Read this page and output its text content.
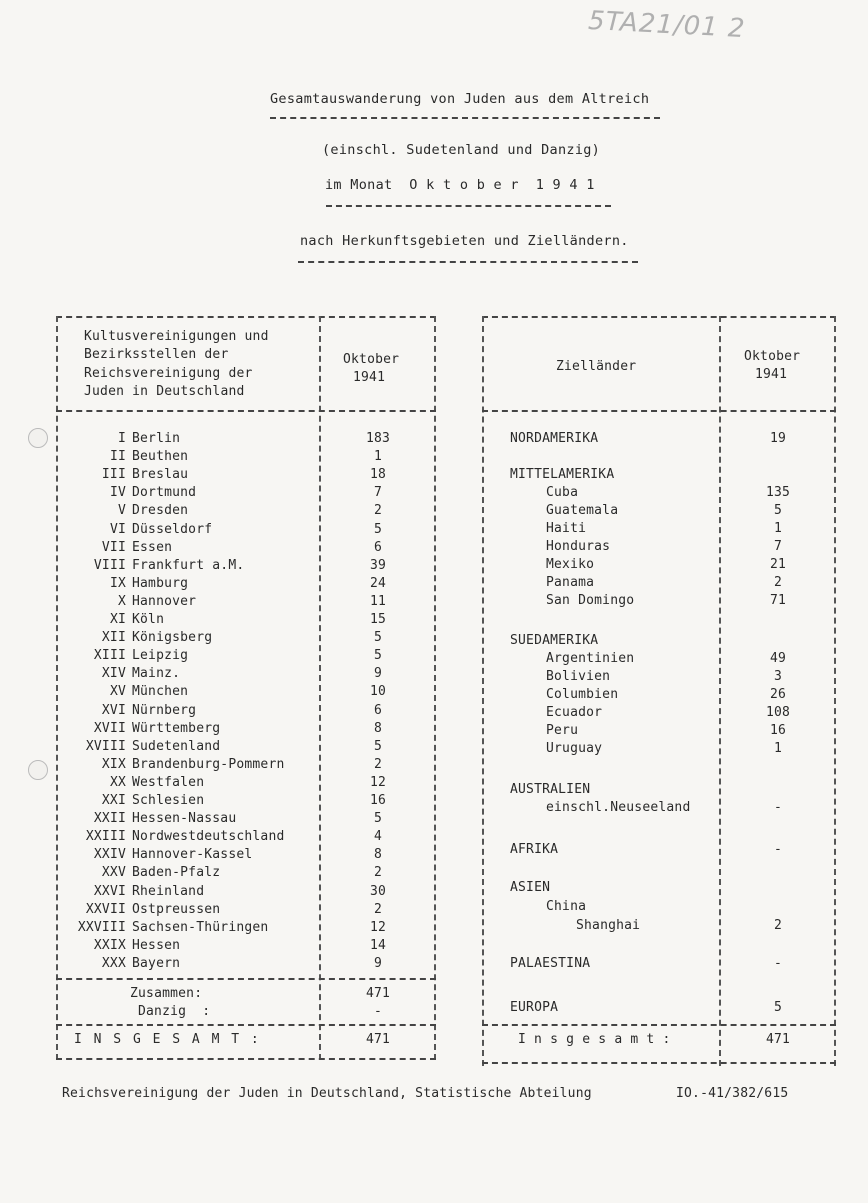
5TA21/01 2
Gesamtauswanderung von Juden aus dem Altreich
(einschl. Sudetenland und Danzig)
im Monat  O k t o b e r  1 9 4 1
nach Herkunftsgebieten und Zielländern.
Kultusvereinigungen und
Bezirksstellen der
Reichsvereinigung der
Juden in Deutschland
Oktober
1941
I Berlin	183
II Beuthen	1
III Breslau	18
IV Dortmund	7
V Dresden	2
VI Düsseldorf	5
VII Essen	6
VIII Frankfurt a.M.	39
IX Hamburg	24
X Hannover	11
XI Köln	15
XII Königsberg	5
XIII Leipzig	5
XIV Mainz.	9
XV München	10
XVI Nürnberg	6
XVII Württemberg	8
XVIII Sudetenland	5
XIX Brandenburg-Pommern	2
XX Westfalen	12
XXI Schlesien	16
XXII Hessen-Nassau	5
XXIII Nordwestdeutschland	4
XXIV Hannover-Kassel	8
XXV Baden-Pfalz	2
XXVI Rheinland	30
XXVII Ostpreussen	2
XXVIII Sachsen-Thüringen	12
XXIX Hessen	14
XXX Bayern	9
Zusammen:	471
Danzig  :	-
I N S G E S A M T :	471
Zielländer
Oktober
1941
NORDAMERIKA	19
MITTELAMERIKA
Cuba	135
Guatemala	5
Haiti	1
Honduras	7
Mexiko	21
Panama	2
San Domingo	71
SUEDAMERIKA
Argentinien	49
Bolivien	3
Columbien	26
Ecuador	108
Peru	16
Uruguay	1
AUSTRALIEN
einschl.Neuseeland	-
AFRIKA	-
ASIEN
China
Shanghai	2
PALAESTINA	-
EUROPA	5
I n s g e s a m t :	471
Reichsvereinigung der Juden in Deutschland, Statistische Abteilung	IO.-41/382/615
